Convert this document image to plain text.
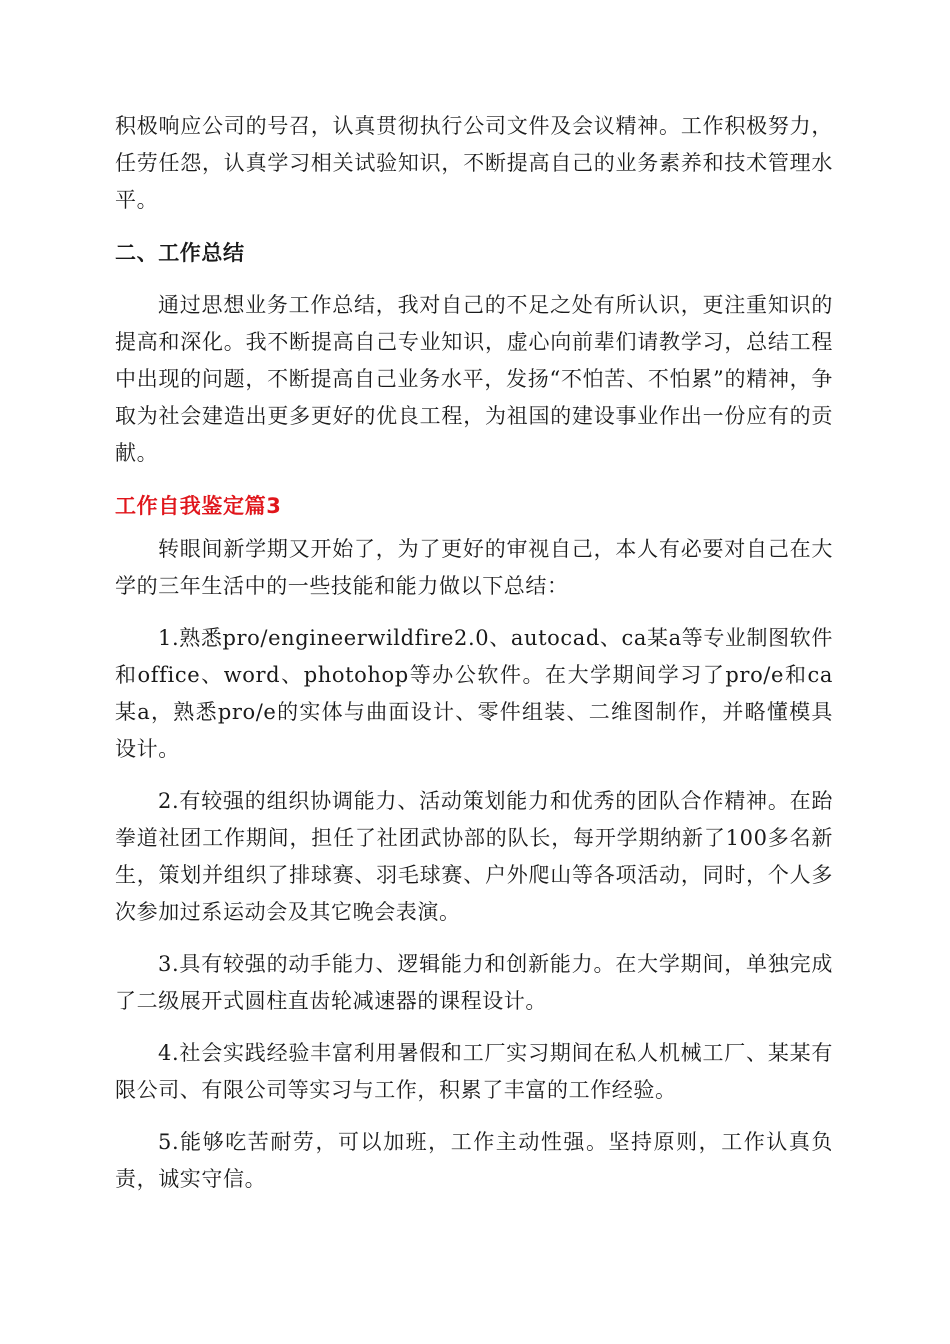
积极响应公司的号召，认真贯彻执行公司文件及会议精神。工作积极努力，任劳任怨，认真学习相关试验知识，不断提高自己的业务素养和技术管理水平。

二、工作总结

通过思想业务工作总结，我对自己的不足之处有所认识，更注重知识的提高和深化。我不断提高自己专业知识，虚心向前辈们请教学习，总结工程中出现的问题，不断提高自己业务水平，发扬“不怕苦、不怕累”的精神，争取为社会建造出更多更好的优良工程，为祖国的建设事业作出一份应有的贡献。

工作自我鉴定篇3

转眼间新学期又开始了，为了更好的审视自己，本人有必要对自己在大学的三年生活中的一些技能和能力做以下总结：

1.熟悉pro/engineerwildfire2.0、autocad、ca某a等专业制图软件和office、word、photohop等办公软件。在大学期间学习了pro/e和ca某a，熟悉pro/e的实体与曲面设计、零件组装、二维图制作，并略懂模具设计。

2.有较强的组织协调能力、活动策划能力和优秀的团队合作精神。在跆拳道社团工作期间，担任了社团武协部的队长，每开学期纳新了100多名新生，策划并组织了排球赛、羽毛球赛、户外爬山等各项活动，同时，个人多次参加过系运动会及其它晚会表演。

3.具有较强的动手能力、逻辑能力和创新能力。在大学期间，单独完成了二级展开式圆柱直齿轮减速器的课程设计。

4.社会实践经验丰富利用暑假和工厂实习期间在私人机械工厂、某某有限公司、有限公司等实习与工作，积累了丰富的工作经验。

5.能够吃苦耐劳，可以加班，工作主动性强。坚持原则，工作认真负责，诚实守信。
